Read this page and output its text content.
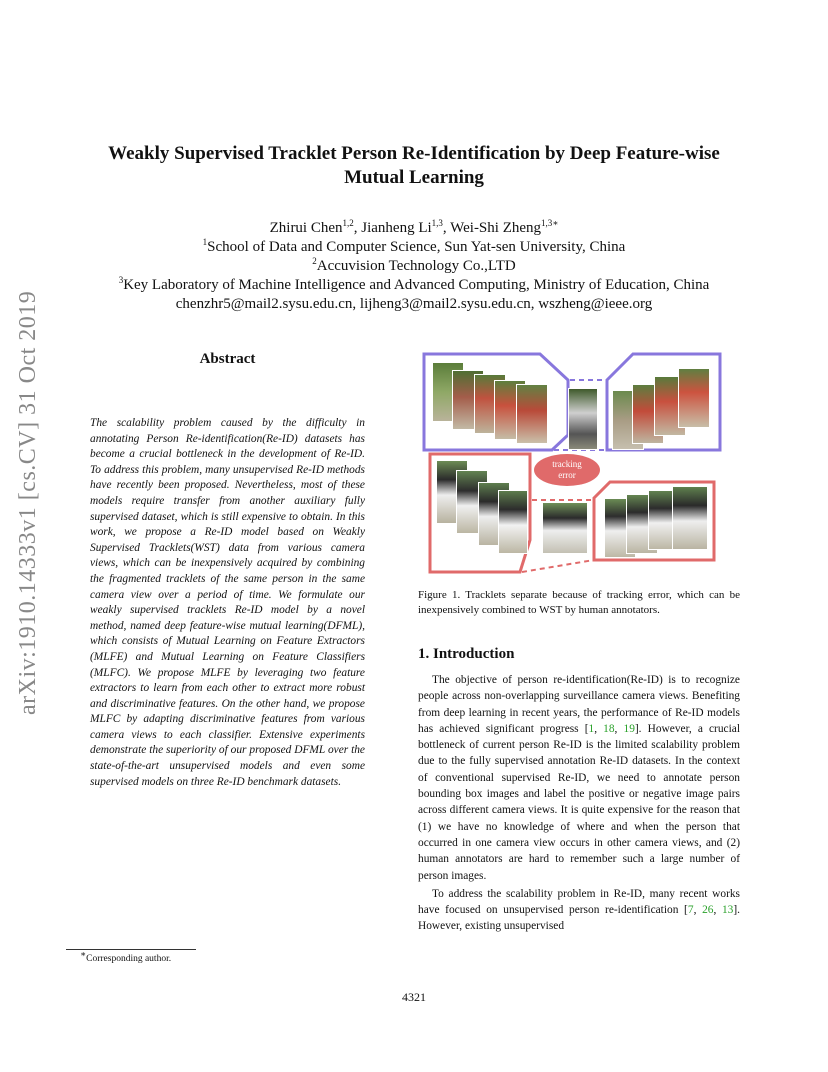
arXiv:1910.14333v1 [cs.CV] 31 Oct 2019
Weakly Supervised Tracklet Person Re-Identification by Deep Feature-wise
Mutual Learning
Zhirui Chen$^{1,2}$, Jianheng Li$^{1,3}$, Wei-Shi Zheng$^{1,3∗}$
$^1$School of Data and Computer Science, Sun Yat-sen University, China
$^2$Accuvision Technology Co.,LTD
$^3$Key Laboratory of Machine Intelligence and Advanced Computing, Ministry of Education, China
chenzhr5@mail2.sysu.edu.cn, lijheng3@mail2.sysu.edu.cn, wszheng@ieee.org
Abstract
The scalability problem caused by the difficulty in annotating Person Re-identification(Re-ID) datasets has become a crucial bottleneck in the development of Re-ID. To address this problem, many unsupervised Re-ID methods have recently been proposed. Nevertheless, most of these models require transfer from another auxiliary fully supervised dataset, which is still expensive to obtain. In this work, we propose a Re-ID model based on Weakly Supervised Tracklets(WST) data from various camera views, which can be inexpensively acquired by combining the fragmented tracklets of the same person in the same camera view over a period of time. We formulate our weakly supervised tracklets Re-ID model by a novel method, named deep feature-wise mutual learning(DFML), which consists of Mutual Learning on Feature Extractors (MLFE) and Mutual Learning on Feature Classifiers (MLFC). We propose MLFE by leveraging two feature extractors to learn from each other to extract more robust and discriminative features. On the other hand, we propose MLFC by adapting discriminative features from various camera views to each classifier. Extensive experiments demonstrate the superiority of our proposed DFML over the state-of-the-art unsupervised models and even some supervised models on three Re-ID benchmark datasets.
∗Corresponding author.
tracking
error
Figure 1. Tracklets separate because of tracking error, which can be inexpensively combined to WST by human annotators.
1. Introduction

The objective of person re-identification(Re-ID) is to recognize people across non-overlapping surveillance camera views. Benefiting from deep learning in recent years, the performance of Re-ID models has achieved significant progress [1, 18, 19]. However, a crucial bottleneck of current person Re-ID is the limited scalability problem due to the fully supervised annotation Re-ID datasets. In the context of conventional supervised Re-ID, we need to annotate person bounding box images and label the positive or negative image pairs across different camera views. It is quite expensive for the reason that (1) we have no knowledge of where and when the person that occurred in one camera view occurs in other camera views, and (2) human annotators are hard to remember such a large number of person images.

To address the scalability problem in Re-ID, many recent works have focused on unsupervised person re-identification [7, 26, 13]. However, existing unsupervised

4321
